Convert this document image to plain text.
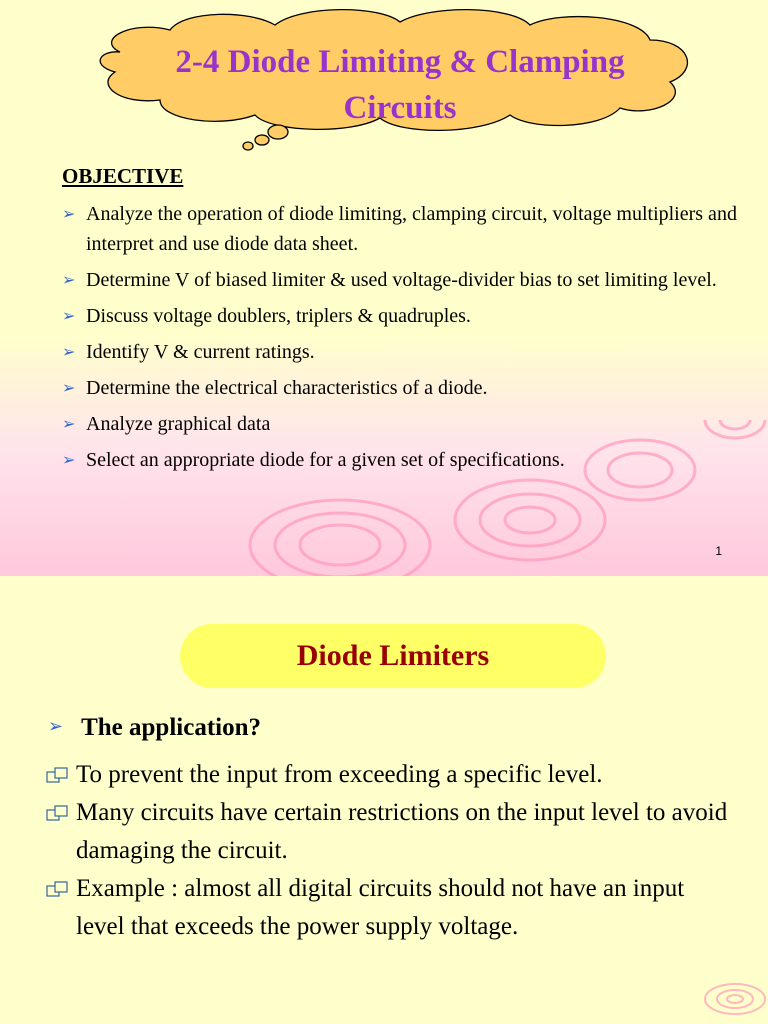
2-4 Diode Limiting & Clamping
Circuits
OBJECTIVE
➢ Analyze the operation of diode limiting, clamping circuit, voltage multipliers and interpret and use diode data sheet.
➢ Determine V of biased limiter & used voltage-divider bias to set limiting level.
➢ Discuss voltage doublers, triplers & quadruples.
➢ Identify V & current ratings.
➢ Determine the electrical characteristics of a diode.
➢ Analyze graphical data
➢ Select an appropriate diode for a given set of specifications.
1
Diode Limiters
➢ The application?
To prevent the input from exceeding a specific level.
Many circuits have certain restrictions on the input level to avoid damaging the circuit.
Example : almost all digital circuits should not have an input level that exceeds the power supply voltage.
